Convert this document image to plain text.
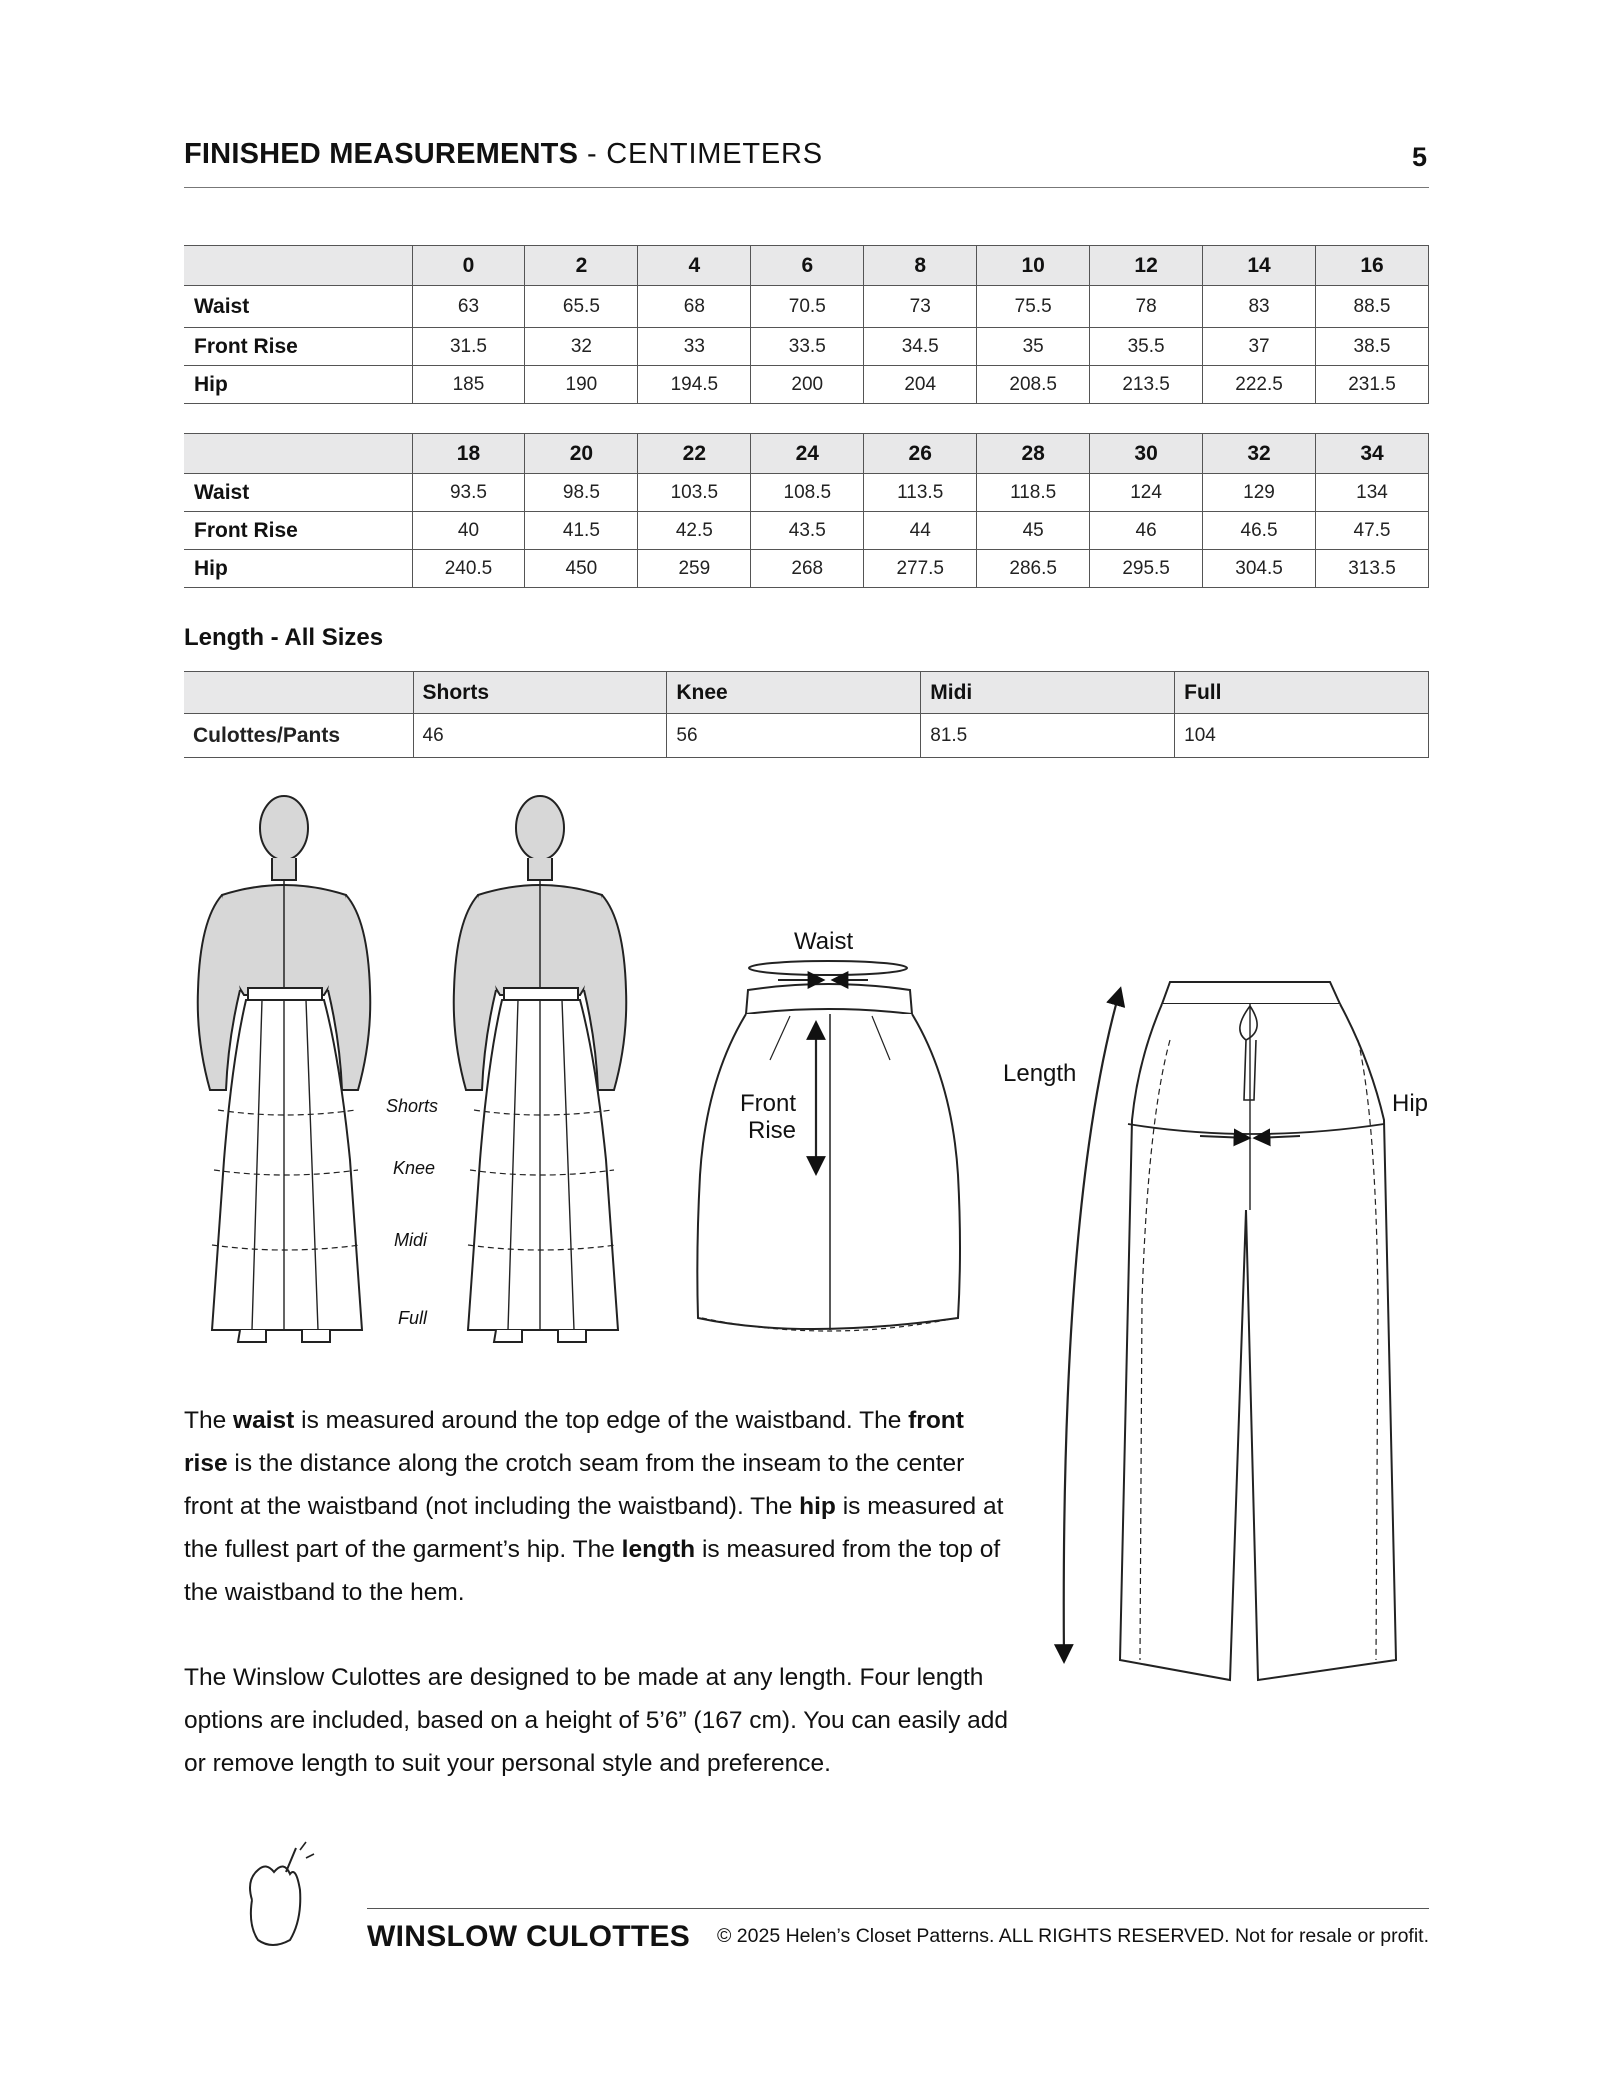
FINISHED MEASUREMENTS - CENTIMETERS	5
	0	2	4	6	8	10	12	14	16
Waist	63	65.5	68	70.5	73	75.5	78	83	88.5
Front Rise	31.5	32	33	33.5	34.5	35	35.5	37	38.5
Hip	185	190	194.5	200	204	208.5	213.5	222.5	231.5
	18	20	22	24	26	28	30	32	34
Waist	93.5	98.5	103.5	108.5	113.5	118.5	124	129	134
Front Rise	40	41.5	42.5	43.5	44	45	46	46.5	47.5
Hip	240.5	450	259	268	277.5	286.5	295.5	304.5	313.5
Length - All Sizes
	Shorts	Knee	Midi	Full
Culottes/Pants	46	56	81.5	104
Shorts
Knee
Midi
Full
Waist
Front
Rise
Length
Hip
The waist is measured around the top edge of the waistband. The front rise is the distance along the crotch seam from the inseam to the center front at the waistband (not including the waistband). The hip is measured at the fullest part of the garment’s hip. The length is measured from the top of the waistband to the hem.
The Winslow Culottes are designed to be made at any length. Four length options are included, based on a height of 5’6” (167 cm). You can easily add or remove length to suit your personal style and preference.
WINSLOW CULOTTES © 2025 Helen’s Closet Patterns. ALL RIGHTS RESERVED. Not for resale or profit.
